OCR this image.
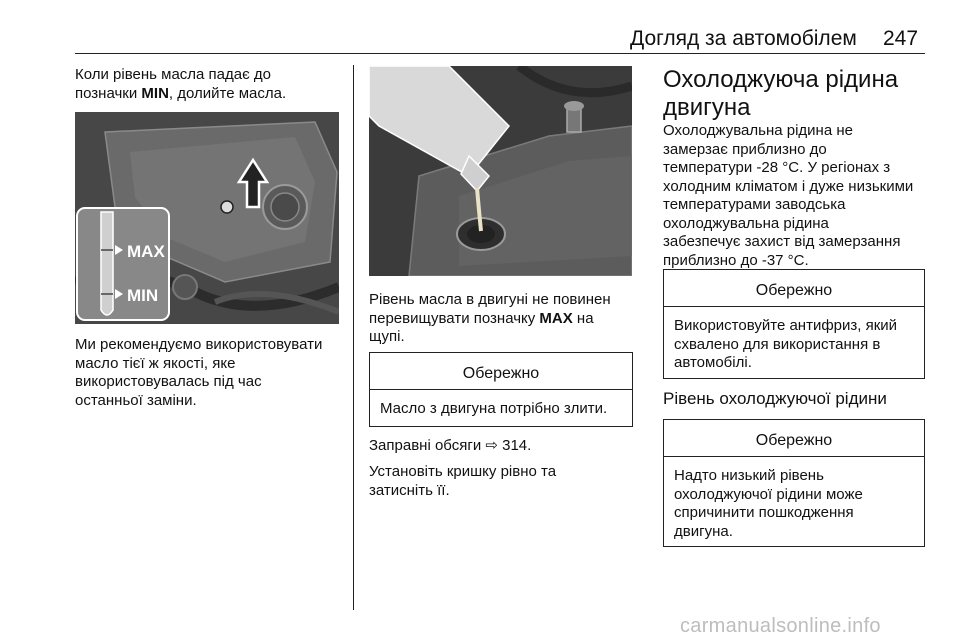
Догляд за автомобілем 247

Коли рівень масла падає до
позначки MIN, долийте масла.

MAX
MIN

Ми рекомендуємо використовувати
масло тієї ж якості, яке
використовувалась під час
останньої заміни.

Рівень масла в двигуні не повинен
перевищувати позначку MAX на
щупі.

Обережно
Масло з двигуна потрібно злити.

Заправні обсяги ⇨ 314.

Установіть кришку рівно та
затисніть її.

Охолоджуюча рідина
двигуна

Охолоджувальна рідина не
замерзає приблизно до
температури -28 °C. У регіонах з
холодним кліматом і дуже низькими
температурами заводська
охолоджувальна рідина
забезпечує захист від замерзання
приблизно до -37 °C.

Обережно
Використовуйте антифриз, який
схвалено для використання в
автомобілі.
Рівень охолоджуючої рідини
Обережно
Надто низький рівень
охолоджуючої рідини може
спричинити пошкодження
двигуна.
carmanualsonline.info
